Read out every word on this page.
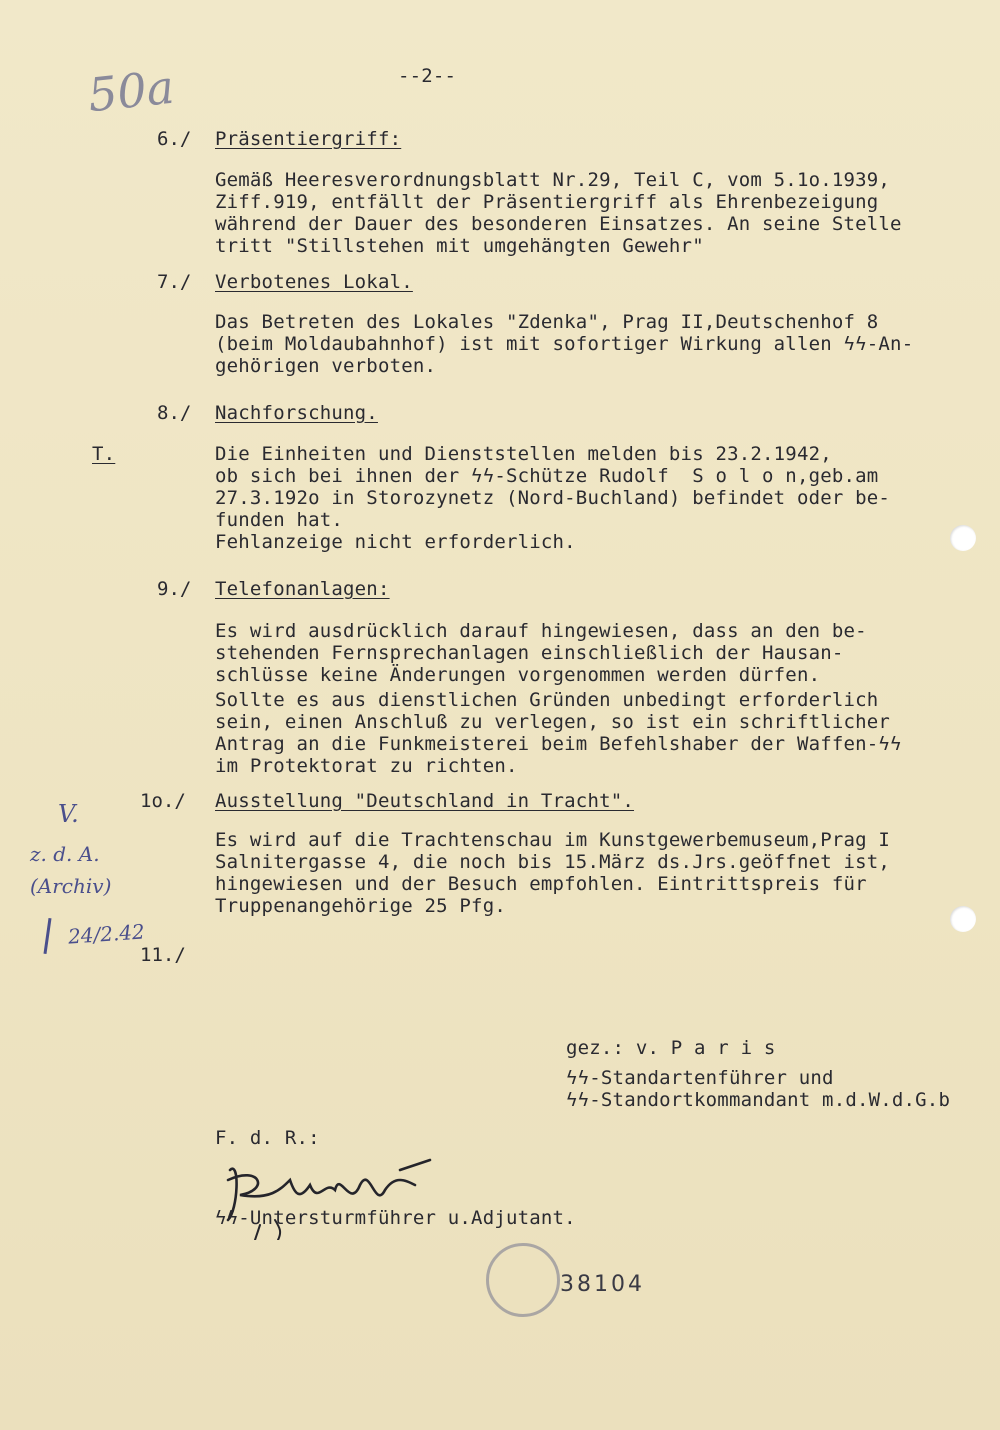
50a	--2--
6./ Präsentiergriff:
Gemäß Heeresverordnungsblatt Nr.29, Teil C, vom 5.1o.1939,
Ziff.919, entfällt der Präsentiergriff als Ehrenbezeigung
während der Dauer des besonderen Einsatzes. An seine Stelle
tritt "Stillstehen mit umgehängten Gewehr"
7./ Verbotenes Lokal.
Das Betreten des Lokales "Zdenka", Prag II,Deutschenhof 8
(beim Moldaubahnhof) ist mit sofortiger Wirkung allen ϟϟ-An-
gehörigen verboten.
8./ Nachforschung.
T.	Die Einheiten und Dienststellen melden bis 23.2.1942,
ob sich bei ihnen der ϟϟ-Schütze Rudolf  S o l o n,geb.am
27.3.192o in Storozynetz (Nord-Buchland) befindet oder be-
funden hat.
Fehlanzeige nicht erforderlich.
9./ Telefonanlagen:
Es wird ausdrücklich darauf hingewiesen, dass an den be-
stehenden Fernsprechanlagen einschließlich der Hausan-
schlüsse keine Änderungen vorgenommen werden dürfen.
Sollte es aus dienstlichen Gründen unbedingt erforderlich
sein, einen Anschluß zu verlegen, so ist ein schriftlicher
Antrag an die Funkmeisterei beim Befehlshaber der Waffen-ϟϟ
im Protektorat zu richten.
1o./ Ausstellung "Deutschland in Tracht".
Es wird auf die Trachtenschau im Kunstgewerbemuseum,Prag I
Salnitergasse 4, die noch bis 15.März ds.Jrs.geöffnet ist,
hingewiesen und der Besuch empfohlen. Eintrittspreis für
Truppenangehörige 25 Pfg.
11./
V.
z. d. A.
(Archiv)
24/2.42
gez.: v. P a r i s
ϟϟ-Standartenführer und
ϟϟ-Standortkommandant m.d.W.d.G.b
F. d. R.:
ϟϟ-Untersturmführer u.Adjutant.
38104
